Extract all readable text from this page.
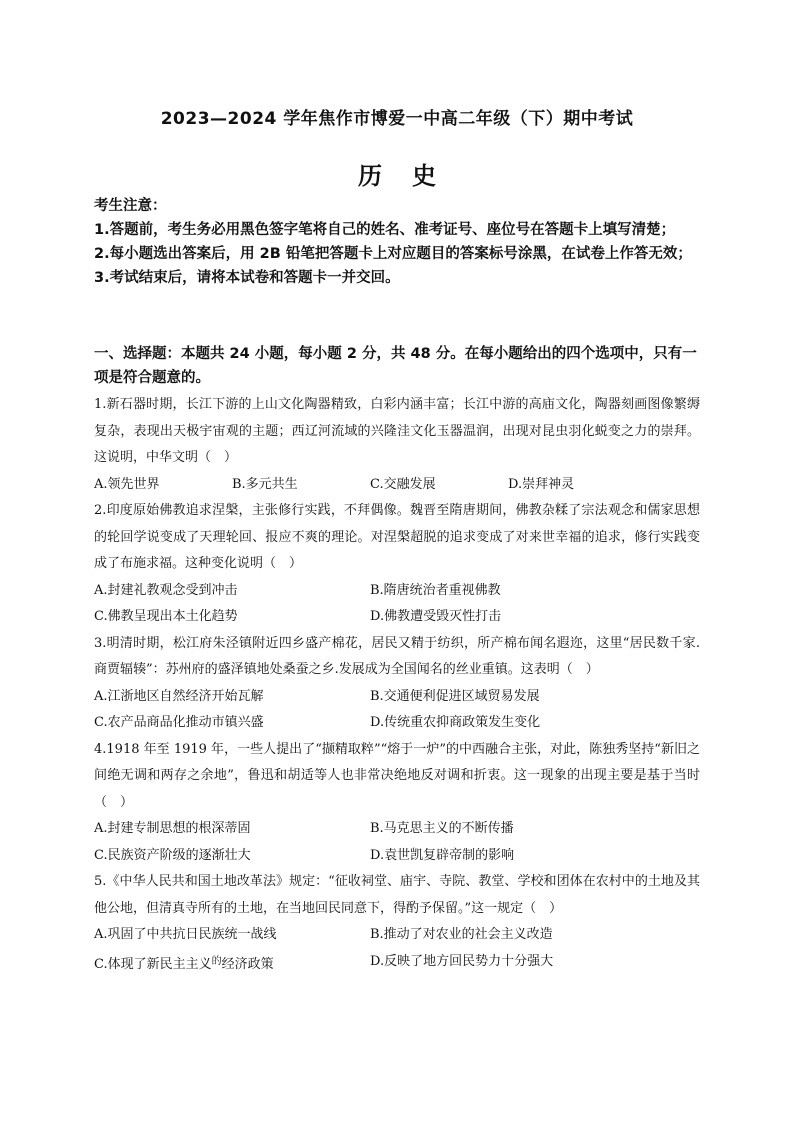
2023—2024 学年焦作市博爱一中高二年级（下）期中考试
历史

考生注意：

1.答题前，考生务必用黑色签字笔将自己的姓名、准考证号、座位号在答题卡上填写清楚；

2.每小题选出答案后，用 2B 铅笔把答题卡上对应题目的答案标号涂黑，在试卷上作答无效；

3.考试结束后，请将本试卷和答题卡一并交回。

一、选择题：本题共 24 小题，每小题 2 分，共 48 分。在每小题给出的四个选项中，只有一项是符合题意的。

1.新石器时期，长江下游的上山文化陶器精致，白彩内涵丰富；长江中游的高庙文化，陶器刻画图像繁缛复杂，表现出天极宇宙观的主题；西辽河流域的兴隆洼文化玉器温润，出现对昆虫羽化蜕变之力的崇拜。这说明，中华文明（　）

A.领先世界	B.多元共生	C.交融发展	D.崇拜神灵

2.印度原始佛教追求涅槃，主张修行实践，不拜偶像。魏晋至隋唐期间，佛教杂糅了宗法观念和儒家思想的轮回学说变成了天理轮回、报应不爽的理论。对涅槃超脱的追求变成了对来世幸福的追求，修行实践变成了布施求福。这种变化说明（　）

A.封建礼教观念受到冲击	B.隋唐统治者重视佛教
C.佛教呈现出本土化趋势	D.佛教遭受毁灭性打击

3.明清时期，松江府朱泾镇附近四乡盛产棉花，居民又精于纺织，所产棉布闻名遐迩，这里“居民数千家.商贾辐辏”：苏州府的盛泽镇地处桑蚕之乡.发展成为全国闻名的丝业重镇。这表明（　）

A.江浙地区自然经济开始瓦解	B.交通便利促进区域贸易发展
C.农产品商品化推动市镇兴盛	D.传统重农抑商政策发生变化

4.1918 年至 1919 年，一些人提出了“撷精取粹”“熔于一炉”的中西融合主张，对此，陈独秀坚持“新旧之间绝无调和两存之余地”，鲁迅和胡适等人也非常决绝地反对调和折衷。这一现象的出现主要是基于当时（　）

A.封建专制思想的根深蒂固	B.马克思主义的不断传播
C.民族资产阶级的逐渐壮大	D.袁世凯复辟帝制的影响

5.《中华人民共和国土地改革法》规定：“征收祠堂、庙宇、寺院、教堂、学校和团体在农村中的土地及其他公地，但清真寺所有的土地，在当地回民同意下，得酌予保留。”这一规定（　）

A.巩固了中共抗日民族统一战线	B.推动了对农业的社会主义改造
C.体现了新民主主义$^的$经济政策	D.反映了地方回民势力十分强大
